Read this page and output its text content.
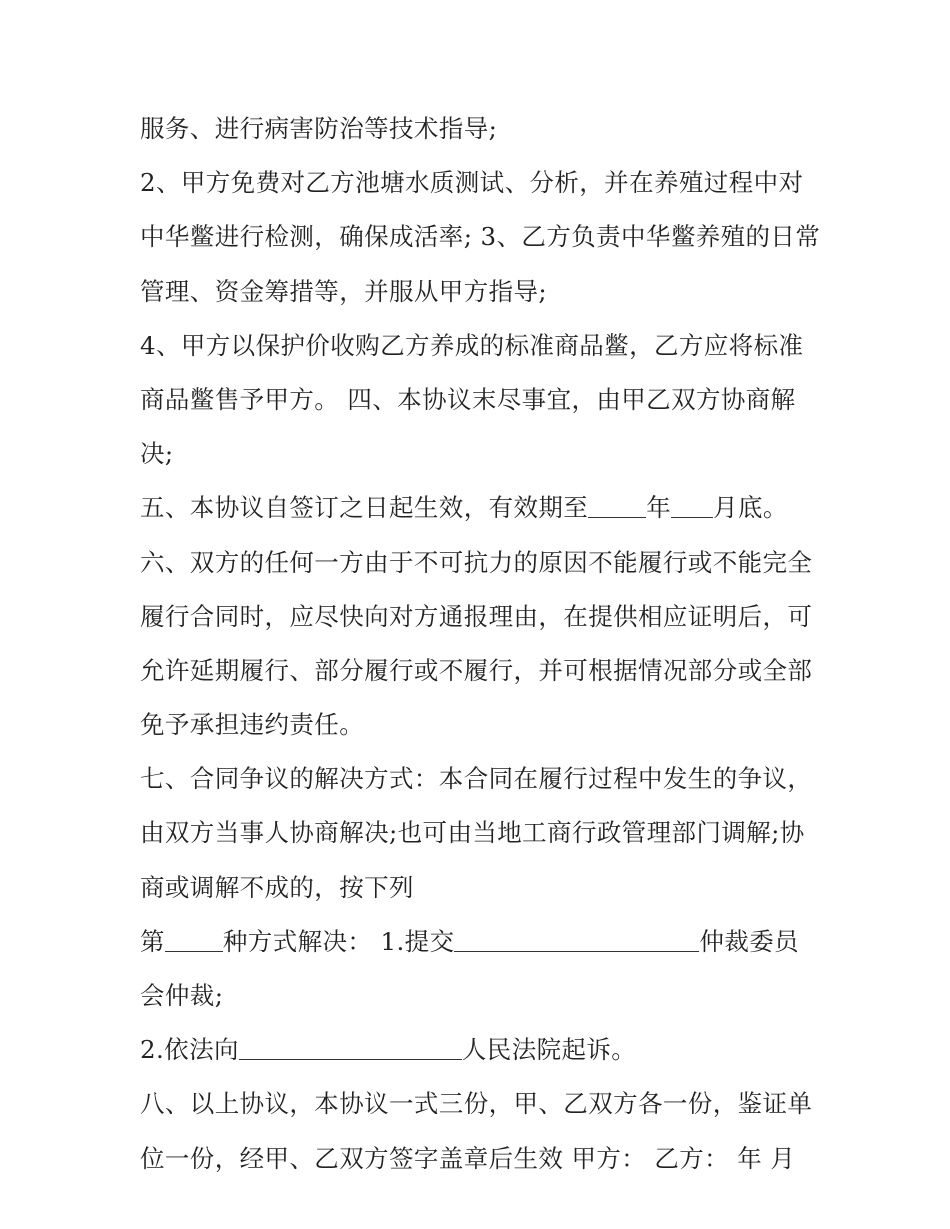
服务、进行病害防治等技术指导;
2、甲方免费对乙方池塘水质测试、分析，并在养殖过程中对
中华鳖进行检测，确保成活率; 3、乙方负责中华鳖养殖的日常
管理、资金筹措等，并服从甲方指导;
4、甲方以保护价收购乙方养成的标准商品鳖，乙方应将标准
商品鳖售予甲方。 四、本协议末尽事宜，由甲乙双方协商解
决;
五、本协议自签订之日起生效，有效期至 年 月底。
六、双方的任何一方由于不可抗力的原因不能履行或不能完全
履行合同时，应尽快向对方通报理由，在提供相应证明后，可
允许延期履行、部分履行或不履行，并可根据情况部分或全部
免予承担违约责任。
七、合同争议的解决方式：本合同在履行过程中发生的争议，
由双方当事人协商解决;也可由当地工商行政管理部门调解;协
商或调解不成的，按下列
第 种方式解决： 1.提交	仲裁委员
会仲裁;
2.依法向	人民法院起诉。
八、以上协议，本协议一式三份，甲、乙双方各一份，鉴证单
位一份，经甲、乙双方签字盖章后生效 甲方： 乙方： 年 月
